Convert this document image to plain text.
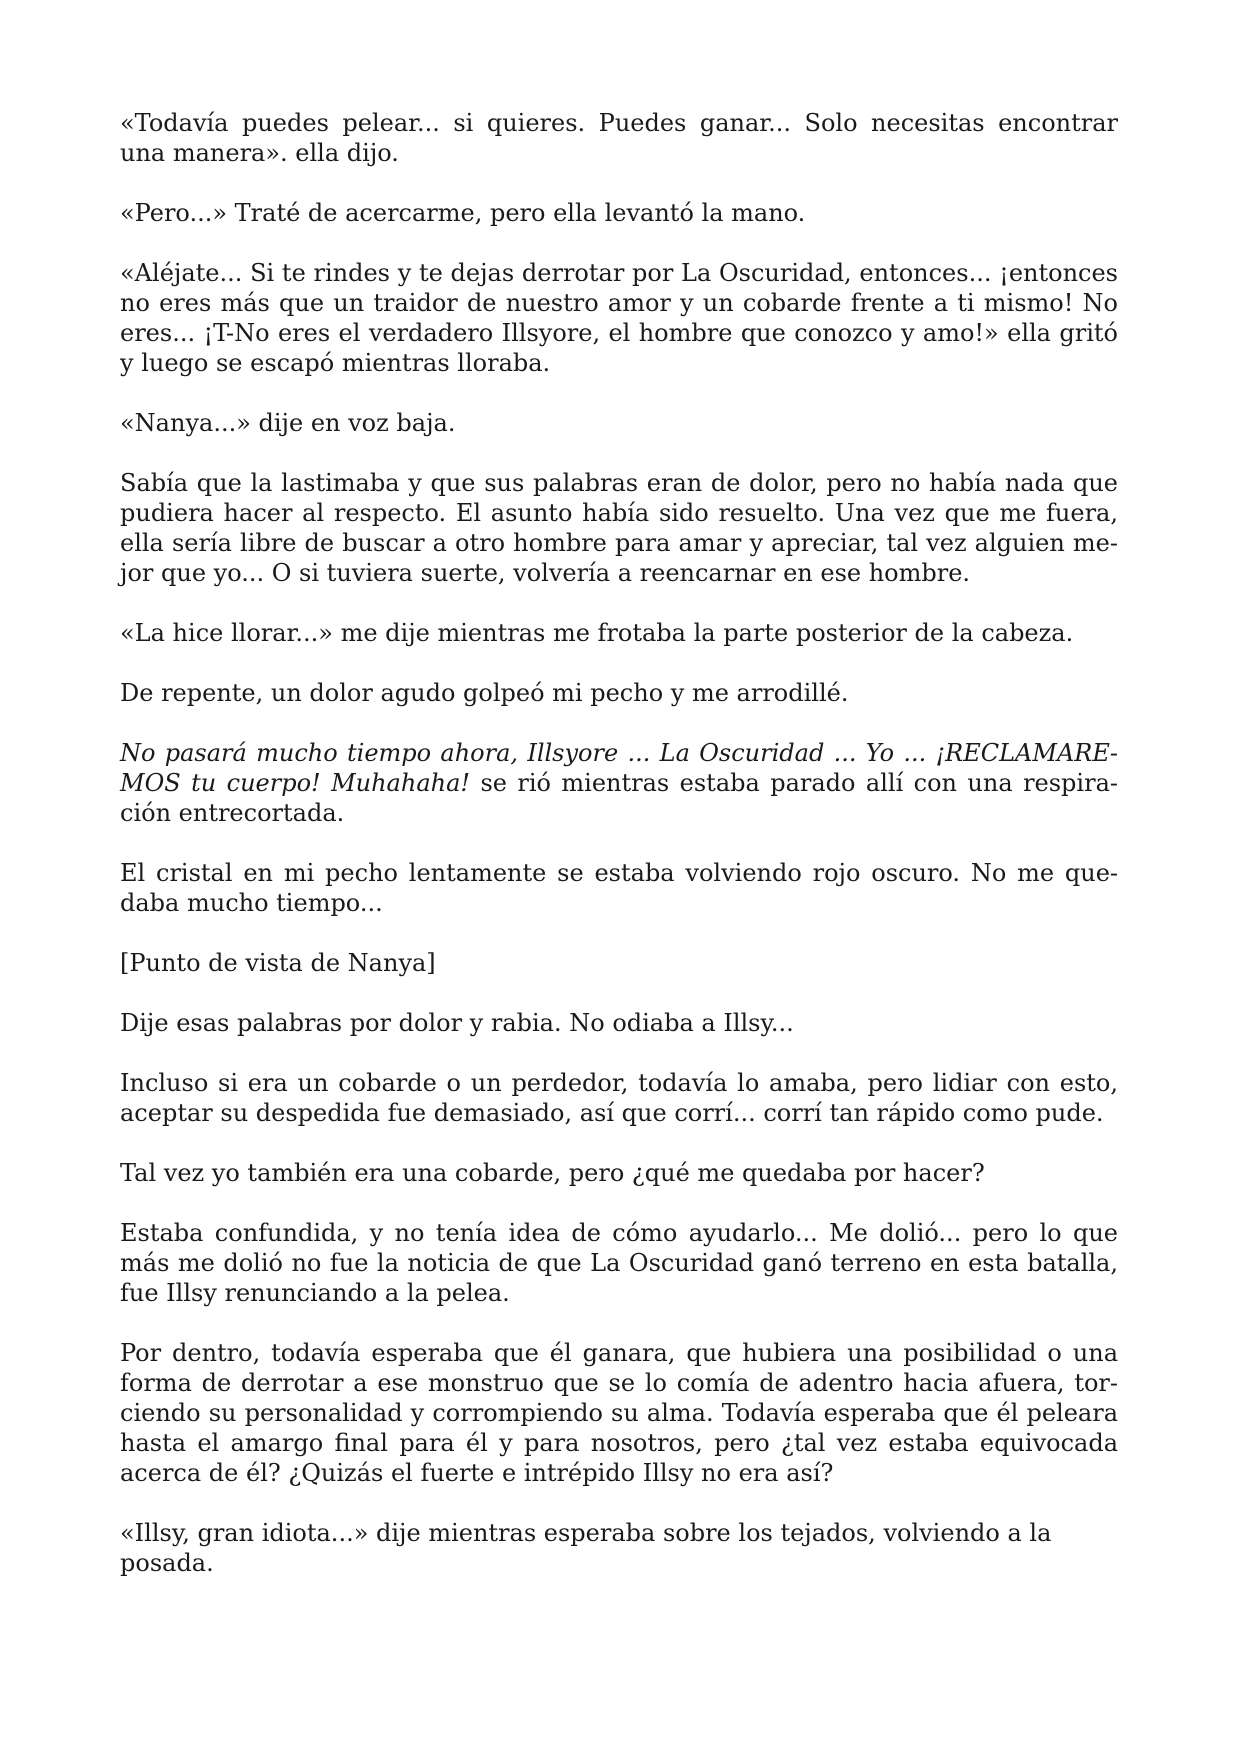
«Todavía puedes pelear... si quieres. Puedes ganar... Solo necesitas encontrar una manera». ella dijo.

«Pero...» Traté de acercarme, pero ella levantó la mano.

«Aléjate... Si te rindes y te dejas derrotar por La Oscuridad, entonces... ¡entonces no eres más que un traidor de nuestro amor y un cobarde frente a ti mismo! No eres... ¡T-No eres el verdadero Illsyore, el hombre que conozco y amo!» ella gritó y luego se escapó mientras lloraba.

«Nanya...» dije en voz baja.

Sabía que la lastimaba y que sus palabras eran de dolor, pero no había nada que pudiera hacer al respecto. El asunto había sido resuelto. Una vez que me fuera, ella sería libre de buscar a otro hombre para amar y apreciar, tal vez alguien mejor que yo... O si tuviera suerte, volvería a reencarnar en ese hombre.

«La hice llorar...» me dije mientras me frotaba la parte posterior de la cabeza.

De repente, un dolor agudo golpeó mi pecho y me arrodillé.

No pasará mucho tiempo ahora, Illsyore ... La Oscuridad ... Yo ... ¡RECLAMAREMOS tu cuerpo! Muhahaha! se rió mientras estaba parado allí con una respiración entrecortada.

El cristal en mi pecho lentamente se estaba volviendo rojo oscuro. No me quedaba mucho tiempo...

[Punto de vista de Nanya]

Dije esas palabras por dolor y rabia. No odiaba a Illsy...

Incluso si era un cobarde o un perdedor, todavía lo amaba, pero lidiar con esto, aceptar su despedida fue demasiado, así que corrí... corrí tan rápido como pude.

Tal vez yo también era una cobarde, pero ¿qué me quedaba por hacer?

Estaba confundida, y no tenía idea de cómo ayudarlo... Me dolió... pero lo que más me dolió no fue la noticia de que La Oscuridad ganó terreno en esta batalla, fue Illsy renunciando a la pelea.

Por dentro, todavía esperaba que él ganara, que hubiera una posibilidad o una forma de derrotar a ese monstruo que se lo comía de adentro hacia afuera, torciendo su personalidad y corrompiendo su alma. Todavía esperaba que él peleara hasta el amargo final para él y para nosotros, pero ¿tal vez estaba equivocada acerca de él? ¿Quizás el fuerte e intrépido Illsy no era así?

«Illsy, gran idiota...» dije mientras esperaba sobre los tejados, volviendo a la posada.
